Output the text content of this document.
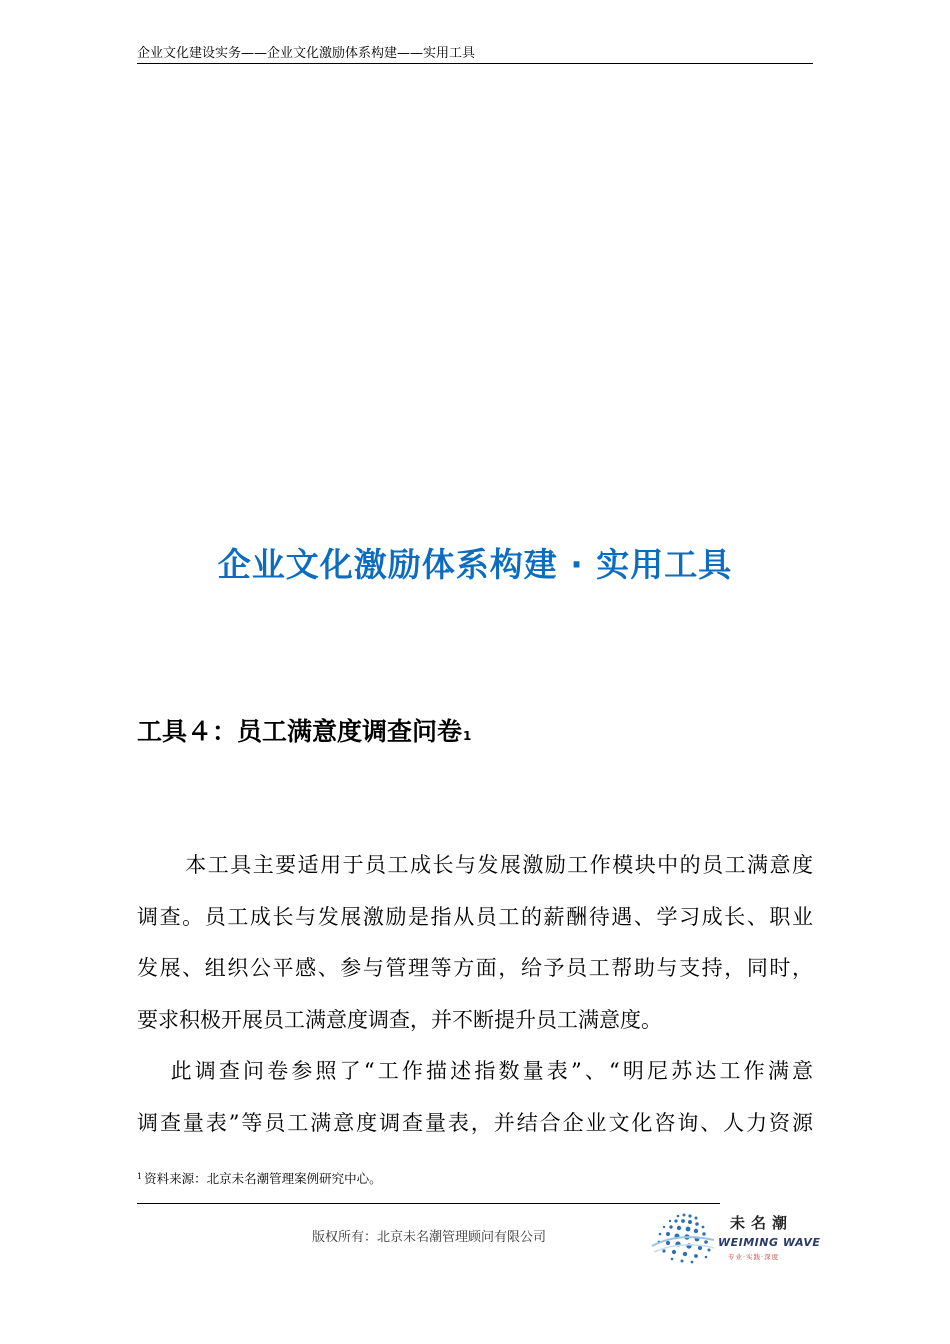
企业文化建设实务——企业文化激励体系构建——实用工具
企业文化激励体系构建 · 实用工具
工具４：员工满意度调查问卷$^1$

本工具主要适用于员工成长与发展激励工作模块中的员工满意度

调查。员工成长与发展激励是指从员工的薪酬待遇、学习成长、职业

发展、组织公平感、参与管理等方面，给予员工帮助与支持，同时，

要求积极开展员工满意度调查，并不断提升员工满意度。

此调查问卷参照了“工作描述指数量表”、“明尼苏达工作满意

调查量表”等员工满意度调查量表，并结合企业文化咨询、人力资源

$^1$ 资料来源：北京未名潮管理案例研究中心。
版权所有：北京未名潮管理顾问有限公司
未名潮
WEIMING WAVE
专业·实践·深度
